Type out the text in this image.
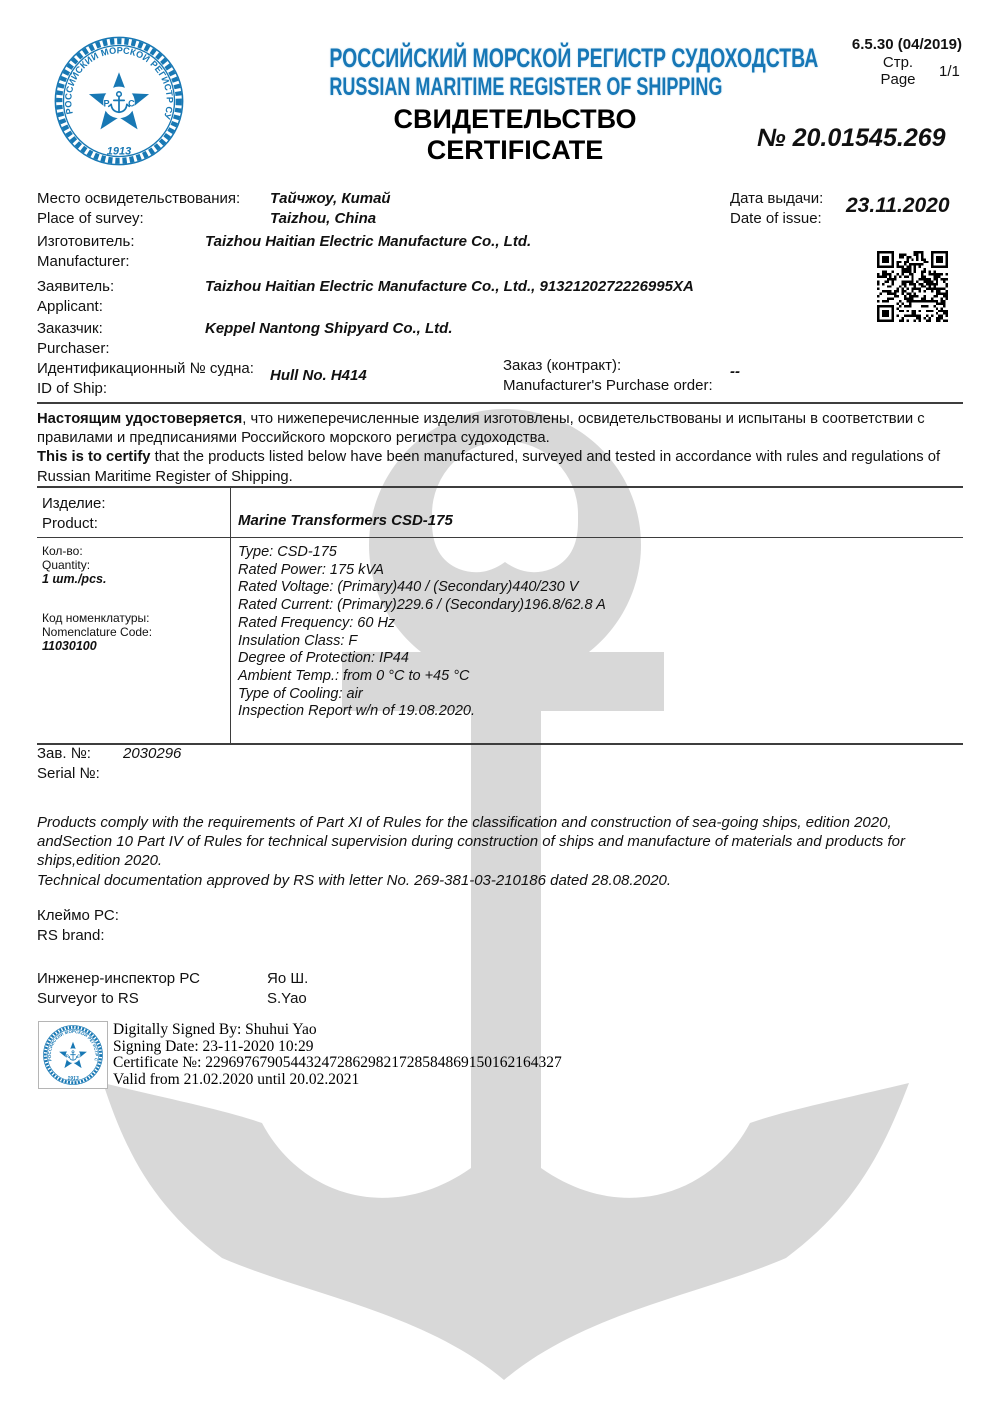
РОССИЙСКИЙ МОРСКОЙ РЕГИСТР СУДОХОДСТВА
RUSSIAN MARITIME REGISTER OF SHIPPING
СВИДЕТЕЛЬСТВО
CERTIFICATE
6.5.30 (04/2019)
Стр.
Page	1/1
№ 20.01545.269
Место освидетельствования:
Place of survey:
Тайчжоу, Китай
Taizhou, China
Дата выдачи:
Date of issue:
23.11.2020
Изготовитель:
Manufacturer:
Taizhou Haitian Electric Manufacture Co., Ltd.
Заявитель:
Applicant:
Taizhou Haitian Electric Manufacture Co., Ltd., 9132120272226995XA
Заказчик:
Purchaser:
Keppel Nantong Shipyard Co., Ltd.
Идентификационный № судна:
ID of Ship:
Hull No. H414
Заказ (контракт):
Manufacturer's Purchase order:
--
Настоящим удостоверяется, что нижеперечисленные изделия изготовлены, освидетельствованы и испытаны в соответствии с правилами и предписаниями Российского морского регистра судоходства.
This is to certify that the products listed below have been manufactured, surveyed and tested in accordance with rules and regulations of Russian Maritime Register of Shipping.
Изделие:
Product:	Marine Transformers CSD-175
Кол-во:
Quantity:
1 шт./pcs.
Код номенклатуры:
Nomenclature Code:
11030100
Type: CSD-175
Rated Power: 175 kVA
Rated Voltage: (Primary)440 / (Secondary)440/230 V
Rated Current: (Primary)229.6 / (Secondary)196.8/62.8 A
Rated Frequency: 60 Hz
Insulation Class: F
Degree of Protection: IP44
Ambient Temp.: from 0 °C to +45 °C
Type of Cooling: air
Inspection Report w/n of 19.08.2020.
Зав. №:
Serial №:
2030296
Products comply with the requirements of Part XI of Rules for the classification and construction of sea-going ships, edition 2020, andSection 10 Part IV of Rules for technical supervision during construction of ships and manufacture of materials and products for ships,edition 2020.
Technical documentation approved by RS with letter No. 269-381-03-210186 dated 28.08.2020.
Клеймо РС:
RS brand:
Инженер-инспектор РС
Surveyor to RS
Яо Ш.
S.Yao
Digitally Signed By: Shuhui Yao
Signing Date: 23-11-2020 10:29
Certificate №: 2296976790544324728629821728584869150162164327
Valid from 21.02.2020 until 20.02.2021
